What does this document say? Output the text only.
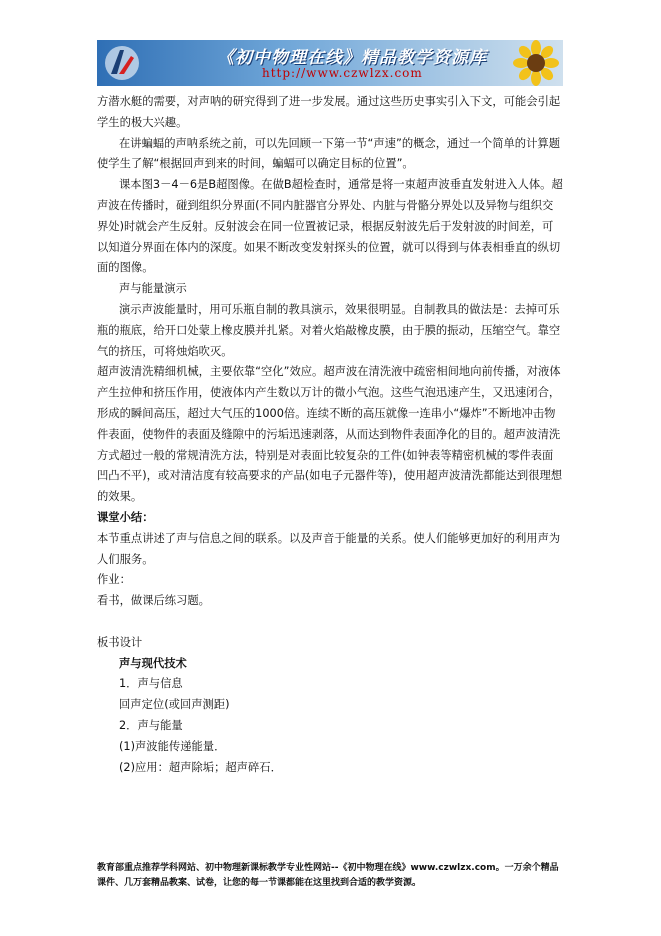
《初中物理在线》精品教学资源库
http://www.czwlzx.com

方潜水艇的需要，对声呐的研究得到了进一步发展。通过这些历史事实引入下文，可能会引起学生的极大兴趣。

在讲蝙蝠的声呐系统之前，可以先回顾一下第一节“声速”的概念，通过一个简单的计算题使学生了解“根据回声到来的时间，蝙蝠可以确定目标的位置”。

课本图3－4－6是B超图像。在做B超检查时，通常是将一束超声波垂直发射进入人体。超声波在传播时，碰到组织分界面(不同内脏器官分界处、内脏与骨骼分界处以及异物与组织交界处)时就会产生反射。反射波会在同一位置被记录，根据反射波先后于发射波的时间差，可以知道分界面在体内的深度。如果不断改变发射探头的位置，就可以得到与体表相垂直的纵切面的图像。

声与能量演示

演示声波能量时，用可乐瓶自制的教具演示，效果很明显。自制教具的做法是：去掉可乐瓶的瓶底，给开口处蒙上橡皮膜并扎紧。对着火焰敲橡皮膜，由于膜的振动，压缩空气。靠空气的挤压，可将烛焰吹灭。

超声波清洗精细机械，主要依靠“空化”效应。超声波在清洗液中疏密相间地向前传播，对液体产生拉伸和挤压作用，使液体内产生数以万计的微小气泡。这些气泡迅速产生，又迅速闭合，形成的瞬间高压，超过大气压的1000倍。连续不断的高压就像一连串小“爆炸”不断地冲击物件表面，使物件的表面及缝隙中的污垢迅速剥落，从而达到物件表面净化的目的。超声波清洗方式超过一般的常规清洗方法，特别是对表面比较复杂的工件(如钟表等精密机械的零件表面凹凸不平)，或对清洁度有较高要求的产品(如电子元器件等)，使用超声波清洗都能达到很理想的效果。

课堂小结：

本节重点讲述了声与信息之间的联系。以及声音于能量的关系。使人们能够更加好的利用声为人们服务。

作业：

看书，做课后练习题。

板书设计

声与现代技术

1．声与信息

回声定位(或回声测距)

2．声与能量

(1)声波能传递能量．

(2)应用：超声除垢；超声碎石．

教育部重点推荐学科网站、初中物理新课标教学专业性网站--《初中物理在线》www.czwlzx.com。一万余个精品课件、几万套精品教案、试卷，让您的每一节课都能在这里找到合适的教学资源。
